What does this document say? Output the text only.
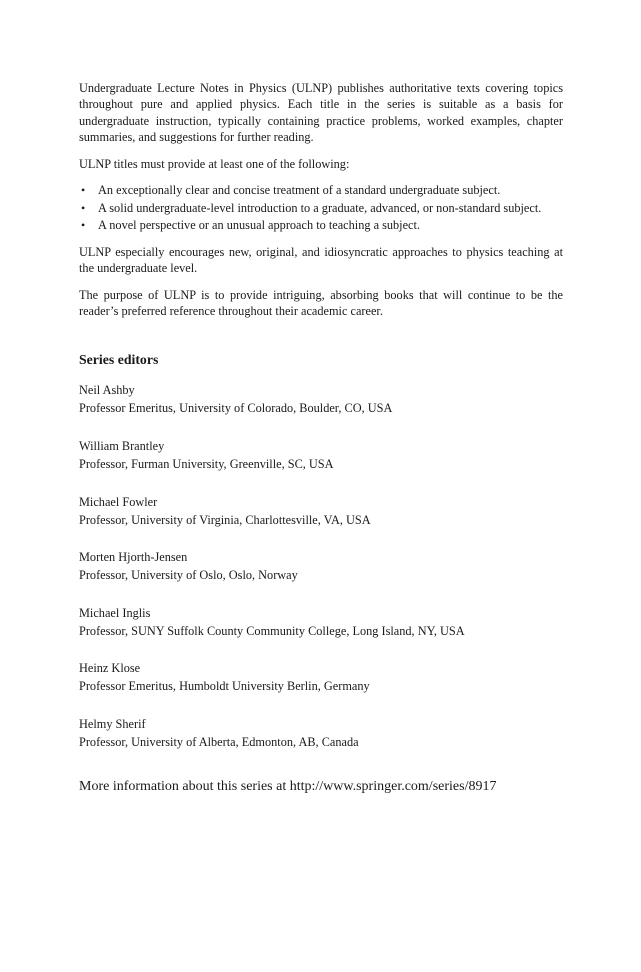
Undergraduate Lecture Notes in Physics (ULNP) publishes authoritative texts covering topics throughout pure and applied physics. Each title in the series is suitable as a basis for undergraduate instruction, typically containing practice problems, worked examples, chapter summaries, and suggestions for further reading.

ULNP titles must provide at least one of the following:

• An exceptionally clear and concise treatment of a standard undergraduate subject.
• A solid undergraduate-level introduction to a graduate, advanced, or non-standard subject.
• A novel perspective or an unusual approach to teaching a subject.

ULNP especially encourages new, original, and idiosyncratic approaches to physics teaching at the undergraduate level.

The purpose of ULNP is to provide intriguing, absorbing books that will continue to be the reader’s preferred reference throughout their academic career.

Series editors
Neil Ashby
Professor Emeritus, University of Colorado, Boulder, CO, USA
William Brantley
Professor, Furman University, Greenville, SC, USA
Michael Fowler
Professor, University of Virginia, Charlottesville, VA, USA
Morten Hjorth-Jensen
Professor, University of Oslo, Oslo, Norway
Michael Inglis
Professor, SUNY Suffolk County Community College, Long Island, NY, USA
Heinz Klose
Professor Emeritus, Humboldt University Berlin, Germany
Helmy Sherif
Professor, University of Alberta, Edmonton, AB, Canada
More information about this series at http://www.springer.com/series/8917
